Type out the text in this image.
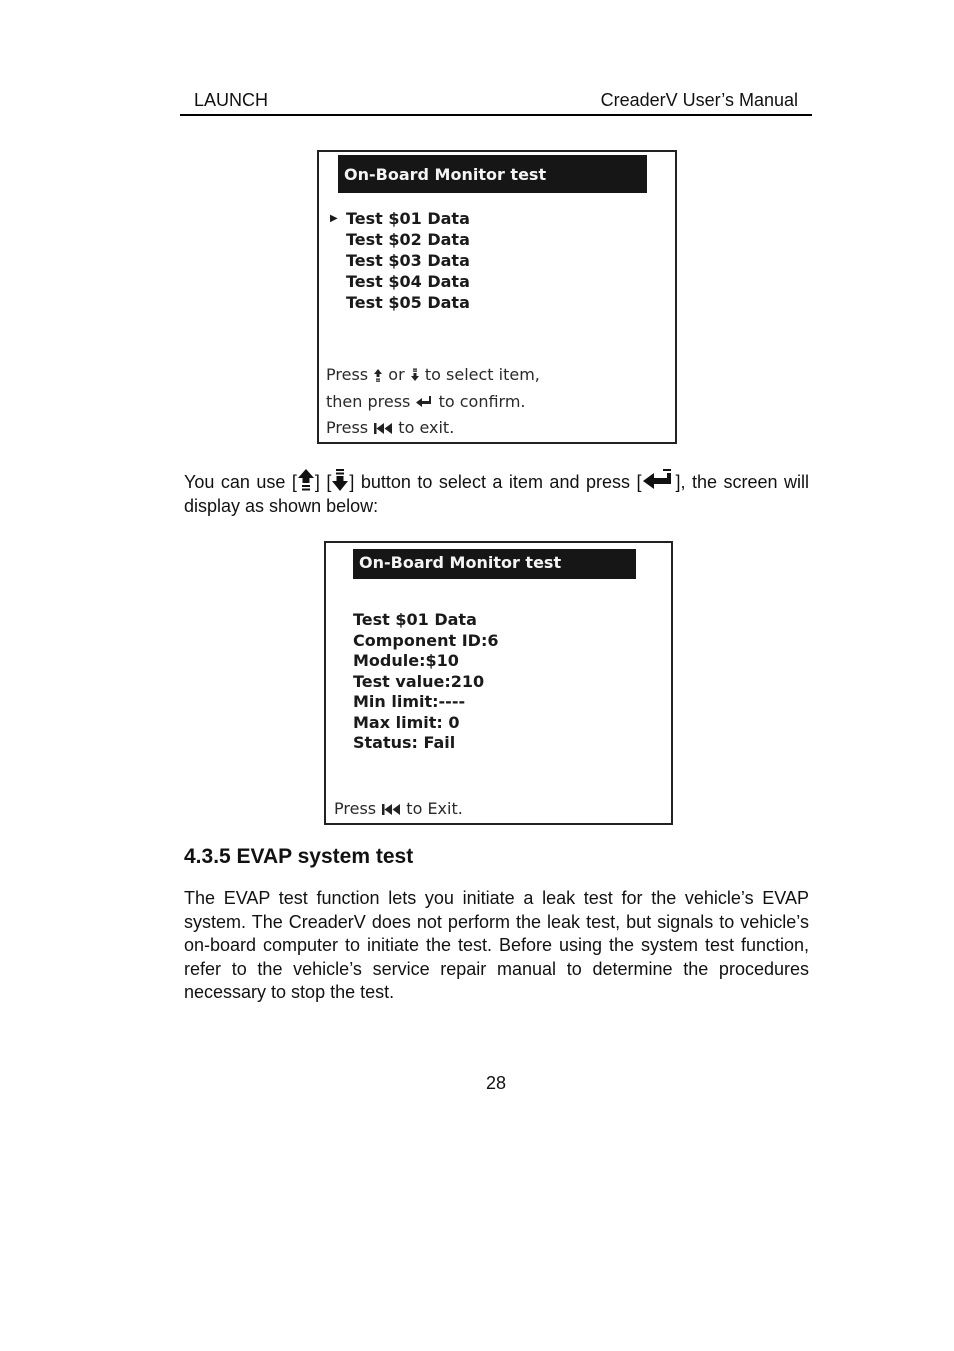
LAUNCH	CreaderV User’s Manual
On-Board Monitor test
▶ Test $01 Data
Test $02 Data
Test $03 Data
Test $04 Data
Test $05 Data
Press or to select item,
then press to confirm.
Press to exit.
You can use [ ] [ ] button to select a item and press [ ], the screen will display as shown below:
On-Board Monitor test
Test $01 Data
Component ID:6
Module:$10
Test value:210
Min limit:----
Max limit: 0
Status: Fail
Press to Exit.
4.3.5 EVAP system test
The EVAP test function lets you initiate a leak test for the vehicle’s EVAP system. The CreaderV does not perform the leak test, but signals to vehicle’s on-board computer to initiate the test. Before using the system test function, refer to the vehicle’s service repair manual to determine the procedures necessary to stop the test.
28
